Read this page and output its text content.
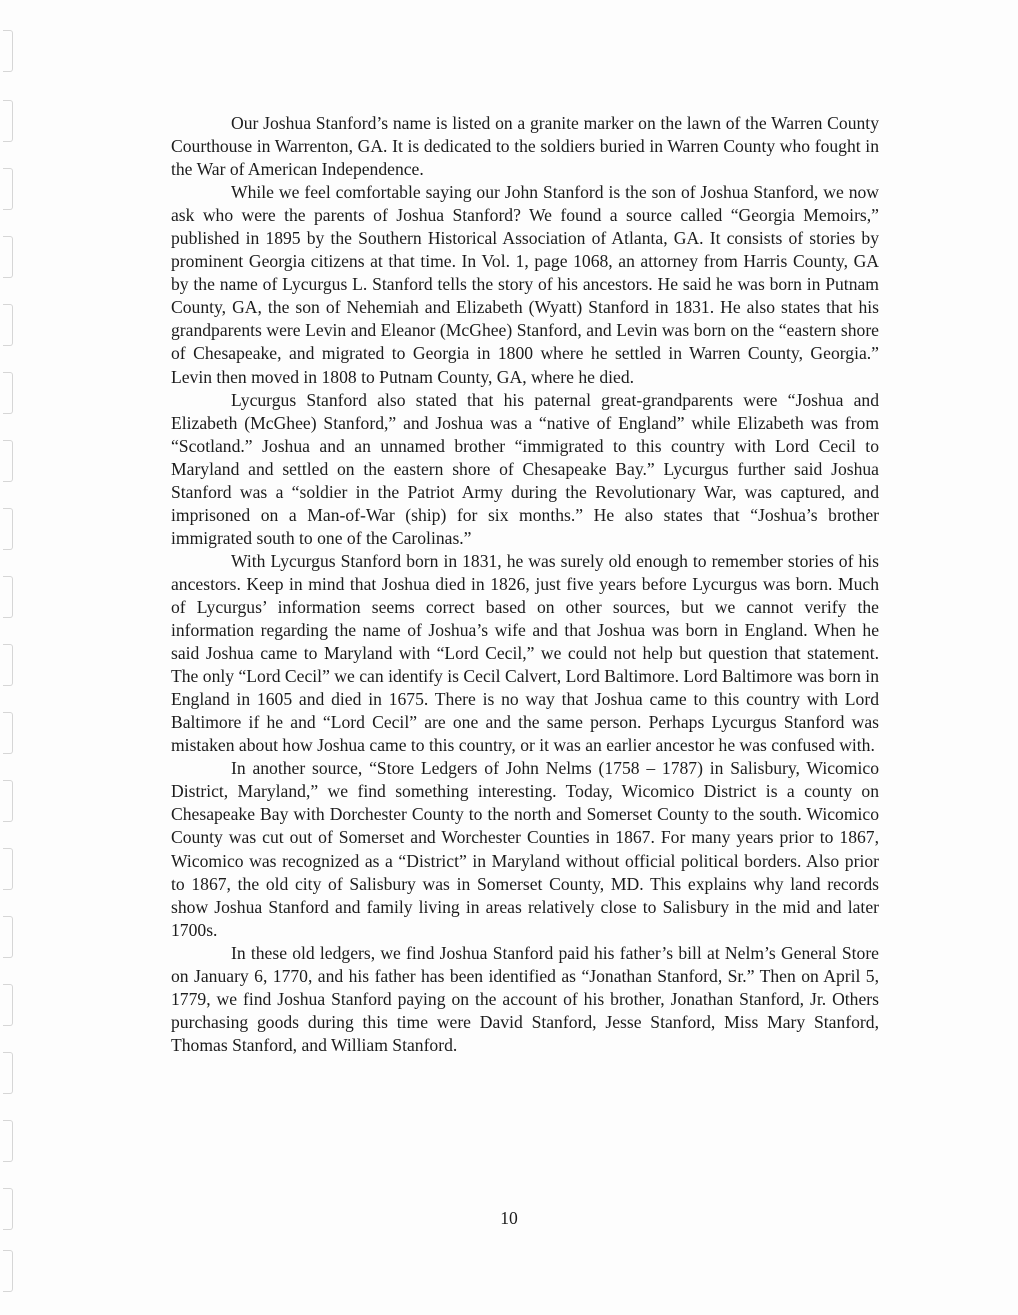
Our Joshua Stanford’s name is listed on a granite marker on the lawn of the Warren County Courthouse in Warrenton, GA. It is dedicated to the soldiers buried in Warren County who fought in the War of American Independence.

While we feel comfortable saying our John Stanford is the son of Joshua Stanford, we now ask who were the parents of Joshua Stanford? We found a source called “Georgia Memoirs,” published in 1895 by the Southern Historical Association of Atlanta, GA. It consists of stories by prominent Georgia citizens at that time. In Vol. 1, page 1068, an attorney from Harris County, GA by the name of Lycurgus L. Stanford tells the story of his ancestors. He said he was born in Putnam County, GA, the son of Nehemiah and Elizabeth (Wyatt) Stanford in 1831. He also states that his grandparents were Levin and Eleanor (McGhee) Stanford, and Levin was born on the “eastern shore of Chesapeake, and migrated to Georgia in 1800 where he settled in Warren County, Georgia.” Levin then moved in 1808 to Putnam County, GA, where he died.

Lycurgus Stanford also stated that his paternal great-grandparents were “Joshua and Elizabeth (McGhee) Stanford,” and Joshua was a “native of England” while Elizabeth was from “Scotland.” Joshua and an unnamed brother “immigrated to this country with Lord Cecil to Maryland and settled on the eastern shore of Chesapeake Bay.” Lycurgus further said Joshua Stanford was a “soldier in the Patriot Army during the Revolutionary War, was captured, and imprisoned on a Man-of-War (ship) for six months.” He also states that “Joshua’s brother immigrated south to one of the Carolinas.”

With Lycurgus Stanford born in 1831, he was surely old enough to remember stories of his ancestors. Keep in mind that Joshua died in 1826, just five years before Lycurgus was born. Much of Lycurgus’ information seems correct based on other sources, but we cannot verify the information regarding the name of Joshua’s wife and that Joshua was born in England. When he said Joshua came to Maryland with “Lord Cecil,” we could not help but question that statement. The only “Lord Cecil” we can identify is Cecil Calvert, Lord Baltimore. Lord Baltimore was born in England in 1605 and died in 1675. There is no way that Joshua came to this country with Lord Baltimore if he and “Lord Cecil” are one and the same person. Perhaps Lycurgus Stanford was mistaken about how Joshua came to this country, or it was an earlier ancestor he was confused with.

In another source, “Store Ledgers of John Nelms (1758 – 1787) in Salisbury, Wicomico District, Maryland,” we find something interesting. Today, Wicomico District is a county on Chesapeake Bay with Dorchester County to the north and Somerset County to the south. Wicomico County was cut out of Somerset and Worchester Counties in 1867. For many years prior to 1867, Wicomico was recognized as a “District” in Maryland without official political borders. Also prior to 1867, the old city of Salisbury was in Somerset County, MD. This explains why land records show Joshua Stanford and family living in areas relatively close to Salisbury in the mid and later 1700s.

In these old ledgers, we find Joshua Stanford paid his father’s bill at Nelm’s General Store on January 6, 1770, and his father has been identified as “Jonathan Stanford, Sr.” Then on April 5, 1779, we find Joshua Stanford paying on the account of his brother, Jonathan Stanford, Jr. Others purchasing goods during this time were David Stanford, Jesse Stanford, Miss Mary Stanford, Thomas Stanford, and William Stanford.

10
